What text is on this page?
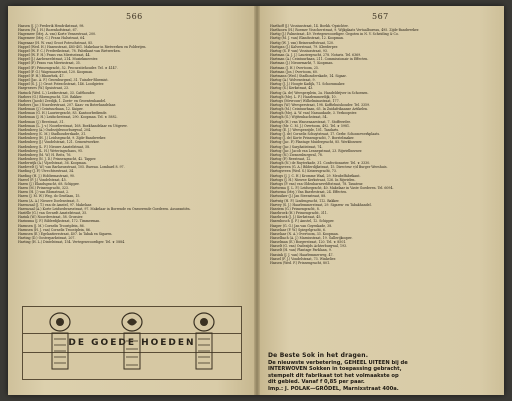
566
Hassen (J. J.) Frederik Hendrikstraat, 98.
Hassen (W. J. H.) Rozenhofstraat, 67.
Hagemeer (Mej. A. van) Korte Vennestraat, 200.
Hagemeer (Mej. C.) Frans Halsstraat, 64.
Hagenaar (H. W. van) Groot Poteschstraat, 85.
Happel (Wed. H.) Hazenstraat, 485-401. Makelaar in Rietwerken en Polderijen.
Happel (W. F. C.) Frederikstraat, 78. Fabrikant van Rietwerken.
Happel (W. F. H.) Frans van Mierisstraat, 44.
Happel (J.) Aarbeneelstraat, 214. Muziekmeester.
Happel (P.) Frans van Mierisstraat, 35.
Happel (P.) Prinsengracht, 52. Procuratiehouder. Tel. ★ 4147.
Happel (P. G.) Wagenaarstraat, 120. Koopman.
Happel (P. H.) Blauwhek, 47.
Happel (Jac. A. F.) Groenburgwal, 31. Tuinder-Bloemist.
Happel (S. J. J.) Groot Poteschstraat, 146. Loodgieter.
Hargreaves (W.) Spuistraat, 23.
Harinck (Wed. L.) Leidsestraat, 33. Caféhouder.
Harbers (G.) Bloemgracht, 120. Bakker.
Harbers (Jacob) Zeedijk, 1. Zoete- en Groentenhandel.
Harbers (Jac.) Noorderstraat, 207. Kaas- en Boterhandelaar.
Hardeman (J.) Ceintuurbaan, 12. Kuiper.
Hardeman (G. H.) Lauriergracht, 83. Kantoorbediende.
Hardeman (J. H.) Leidschestraat, 290. Koopman. Tel. ★ 5882.
Hardeman (J.) Reestraat, 31.
Hardeman (L. J. v.) Noorderstraat, 168. Boekhandelaar en Uitgever.
Hardenberg (A.) Oudezijdsvoorburgwal, 204.
Hardenberg (C. M.) Stadhouderskade, 31.
Hardenberg (H. J.) Leidsegracht, 9. Zijde-Bandwerker.
Hardenberg (J.) Vondelstraat, 121. Cementwerker.
Hardenberg (L. F.) Nieuwe Amstelstraat, 58.
Hardenberg (L. H.) Weteringschans, 95.
Hardenberg (M. W.) H. Reitz, 76.
Hardenberg (N. J. D.) Prinsengracht, 42. Tapper.
Harderwijk (A.) Vijzelstraat, 36. Koopman.
Hardevelt (J. W.) van Barlaeusstraat, 105. Bureau. Lombard 8. 97.
Harding (J. P.) Utrechtsestraat, 34.
Harding (H. J.) Hobbemastraat, 90.
Hareel (P. J.) Vondelstraat, 45.
Haren (J.) Elandsgracht, 68. Schipper.
Haren (M.) Prinsengracht, 323.
Haren (H. J.) van Blomstraat, 2.
Haren (J. M. W.) Weg, do Gentlaan, 15.
Haren (A. A.) Nieuwe Doelenstraat, 5.
Harenzaal (J. T.) van de Amstel, 97. Makelaar.
Harenzaal (A.) Korte Leidsedwarsstraat, 97. Makelaar in Borrende en Onroerende Goederen. Assurantiën.
Hariëlle (G.) van Gerardt Amstelstraat, 35.
Harink (W.) Noorderstraat, 58. Grossier.
Harinxma (J. F.) Bilderdijkstraat, 172. Timmerman.
Harmsen (J. M.) Cornelis Troostplein, 86.
Harmsen (H. J. van) Cornelis Troostplein, 86.
Harmsen (E.) Egelantiersstraat, 407. In Tabak en Sigaren.
Harting (D.) Oosterparkstraat, 207.
Harting (H. L.) Dintelstraat, 154. Vertegenwoordiger. Tel. ★ 5884.
DE GOEDE HOEDEN
567
Harthoff (J.) Vossiusstraat, 14. Boekh.-Opzichter.
Harthoorn (H.) Roemer Visscherstraat, 9. Wijkplaats Vertaalbureau, 495. Zijde-Bandwerker.
Hartig (J.) Palmstraat, 49. Vertegenwoordiger. Gegoten in N. V. Scheiding & Co.
Hartig (M. J. van) Elandsstraat, 12. Koopman.
Hartig (W. J. van) Reinwardtstraat, 120.
Hartigan (J.) Kalverstraat, 79. Kleederper.
Hartog (S. P. van) Vossiusstraat, 93.
Hartman (A. J. J.) Lauriergracht, 278. Notaris. Tel. 6369.
Hartman (A.) Ceintuurbaan, 211. Commissionair in Effecten.
Hartman (J.) Nieuwmarkt, 7. Koopman.
Hartman (J. H.) Overtoom, 25.
Hartman (Jos.) Overtoom, 60.
Hartmann (Wed.) Stadhouderskade, 14. Sigaar.
Hartog (A.) Wolvenstraat, 9.
Hartog (J. J.) Hoogte Kadijk, 71. Schoenmaker.
Hartog (S.) Kerkstraat, 43.
Hartog (A. de) Weesperplein, 2a. Handeldrijver in Schoenen.
Hartogh (Mej. L. F.) Haarlemmerdijk, 10.
Hartogs (Mevrouw) Wilhelminastraat, 177.
Hartogs (W.) Weesperstraat, 198. Koffiehuishouder. Tel. 3359.
Hartogh (M.) Ceintuurbaan, 65. In Zuidafrikaanse Artikelen.
Hartogh (Mej. A. W. van) Nassaukade, 3. Verkoopster.
Hartogh (G.) Wijttenbachstraat, 54.
Hartogh (H.) van Wassenaarstraat, 7. Stoffeerder.
Hartog (Mr. C. M. J.) Overtoom, 492. Tel. ★ 5981.
Hartog (E. J.) Weesperzijde, 101. Tandarts.
Hartog (J. de) Cornelis Schuytstraat, 17. Gerbr. Schoonewerkplaats.
Hartog (J. de) Korte Prinsengracht, 7. Borstelmaker.
Hartog (Jac. P.) Plantage Muidergracht, 85. Werkbouwer.
Hartog (Jac.) Sarphatistraat, 74.
Hartog (Jac.) Jacob van Lennepstraat, 23. Rijwielbouwer.
Hartog (N.) Zwanenburgwal, 78.
Hartog (P.) Reestraat, 12.
Hartogh (N.) de Ruyterkade, 31. Confectionarier. Tel. ★ 3330.
Hartogsveen (G. A.) Bilderdijkstraat, 15. Directeur v/d Burger Weeshuis.
Hartogsveen (Wed. S.) Keizersgracht, 73.
Hartogs (J. J. C. H.) Kromme Waal, 29. Meubelfabrikant.
Hartogs (J. H.) Nieuwe Kerkstraat, 126. In Rijwielen.
Hartogs (P. van) van Oldenbarneveldtstraat, 78. Taxateur.
Hartsema (J. L. F.) Leidsegracht, 40. Makelaar in Vaste Goederen. Tel. 6094.
Hartsema (Mej.) Van Baerlestraat, 24. Effecten.
Hartsuiker (J.) Jan Steenstraat, 88.
Hartwig (H. F.) Lindengracht, 112. Bakker.
Harvey (S. J.) Haarlemmerstraat, 29. Sigaren- en Tabakhandel.
Harziem (G.) Prinsengracht, 8.
Hasebroek (H.) Prinsengracht, 311.
Hasebroek (J. J.) Kerkstraat, 45.
Hasenbosch (J. F.) Amstel, 12. Schipper.
Hasper (G. G.) Jan van Goyenkade, 38.
Hasselaar (F. W.) Spiegelgracht, 6.
Hasselaar (N. A.) Overtoom, 33. Koopman.
Hasselbach (A. J.) Marnixstraat, 19. Gallerijkooper.
Hasselman (E.) Borgerstraat, 120. Tel. ★ 8501.
Hasselt (G. van) Oudezijds Achterburgwal, 193.
Hasselt (H. van) Plantage Parklaan, 9.
Hassink (J. J. van) Haarlemmerweg, 47.
Hassel (F. J.) Vondelstraat, 73. Winkelier.
Hassen (Wed. F.) Prinsengracht, 801.
De Beste Sok in het dragen.
De nieuwste verbetering, GEHEEL UITEEN bij de
INTERWOVEN Sokken in toepassing gebracht,
stempelt dit fabrikaat tot het volmaakste op
dit gebied. Vanaf f 0,85 per paar.
Imp.: J. POLAK—GRÖDEL, Marnixstraat 400a.
